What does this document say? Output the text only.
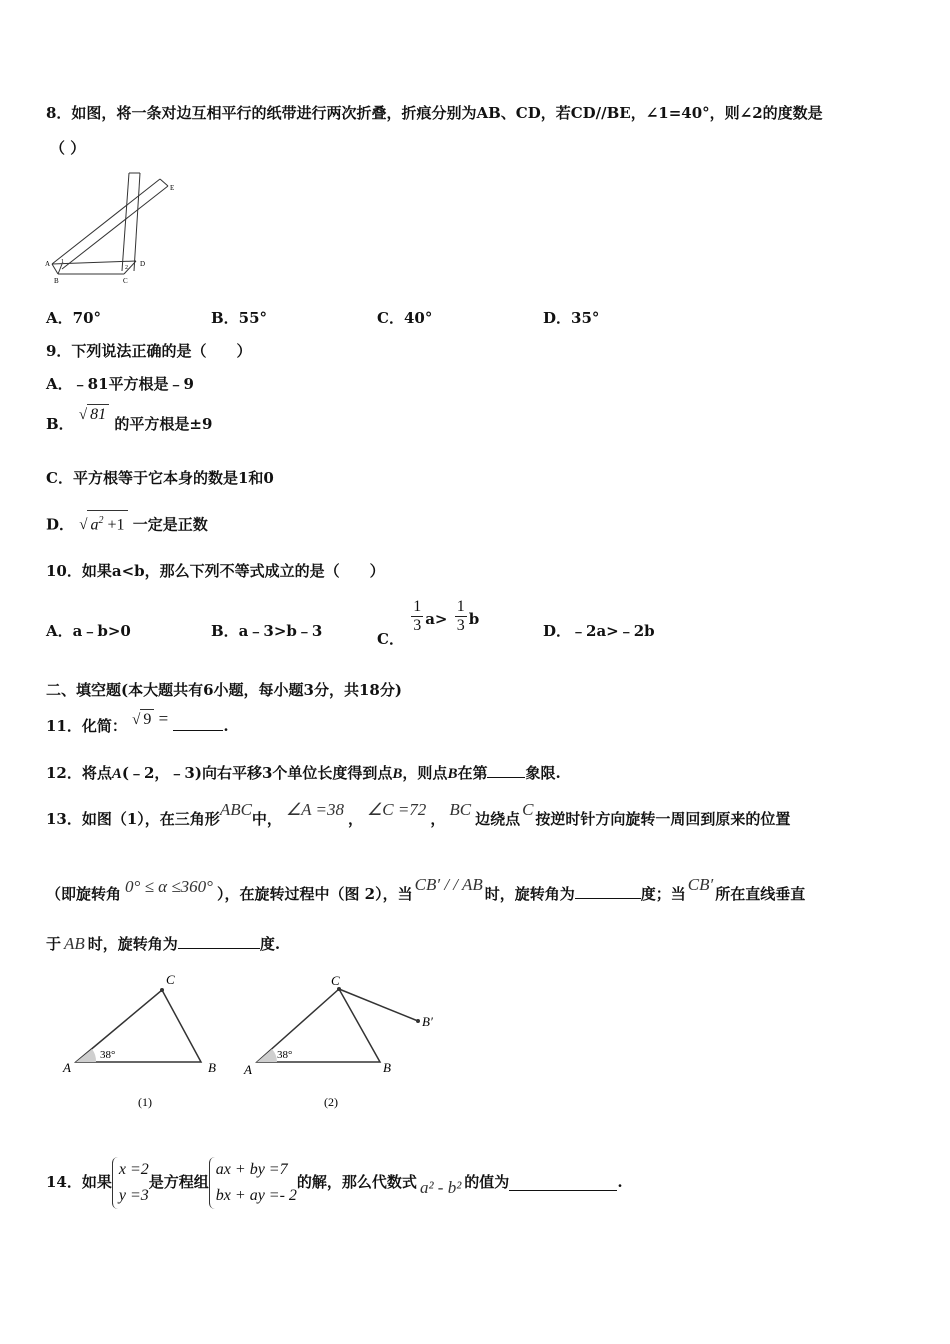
8．如图，将一条对边互相平行的纸带进行两次折叠，折痕分别为AB、CD，若CD//BE，∠1=40°，则∠2的度数是
（ ）
A
B	C
D
E
1
2
A．70°	B．55°	C．40°	D．35°
9．下列说法正确的是（　　）
A．﹣81平方根是﹣9
B． √ 81 的平方根是±9
C．平方根等于它本身的数是1和0
D． √ $a^2 +1$ 一定是正数
10．如果a<b，那么下列不等式成立的是（　　）
A．a﹣b>0	B．a﹣3>b﹣3	C．
$\frac{1}{3} a> \frac{1}{3}$ b
D．﹣2a>﹣2b
二、填空题(本大题共有6小题，每小题3分，共18分)
11．化简： √ 9 =	.
12．将点A(﹣2，﹣3)向右平移3个单位长度得到点B，则点B在第	象限.
13．如图（1），在三角形ABC中， ∠A =38 ， ∠C =72 ， BC 边绕点 C 按逆时针方向旋转一周回到原来的位置
（即旋转角 0° ≤ α ≤360° ），在旋转过程中（图 2），当 CB′ / / AB 时，旋转角为	度；当 CB′ 所在直线垂直
于 AB 时，旋转角为	度.
A	B
C
38°
(1)
A	B
C
B′
38°
(2)
14．如果
x =2
y =3
是方程组
ax + by =7
bx + ay =- 2
的解，那么代数式 a² - b² 的值为	.
